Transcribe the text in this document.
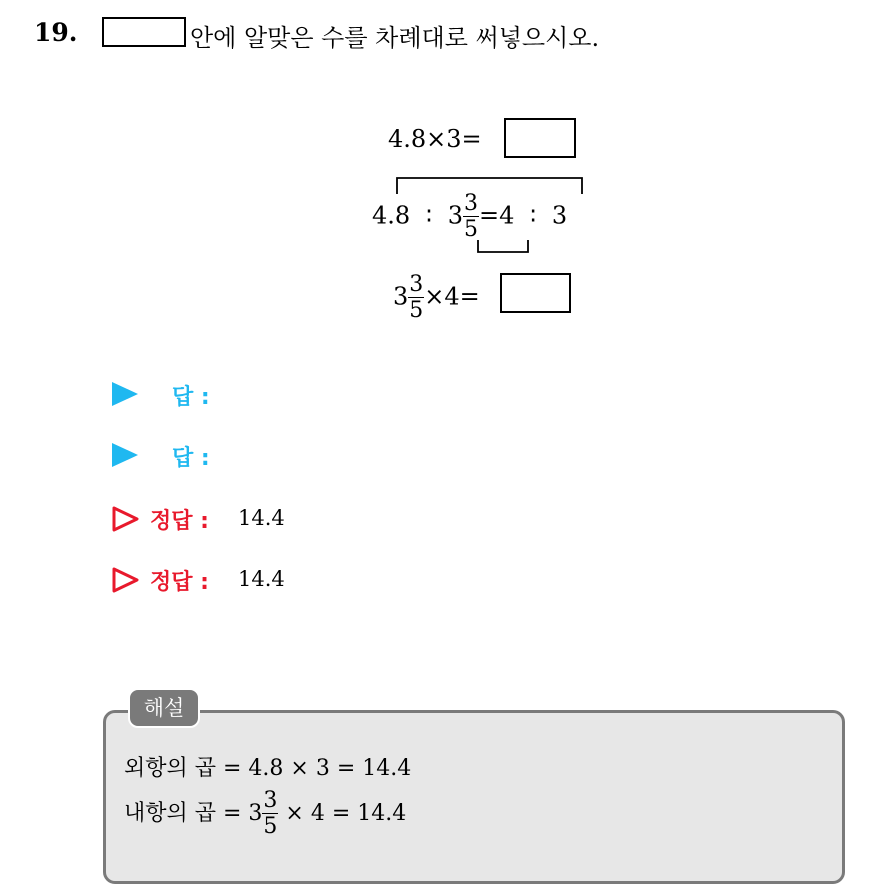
19.	안에 알맞은 수를 차례대로 써넣으시오.
4.8×3=
4.8 ∶ $3 \frac{3}{5} =4$ ∶ 3
$3 \frac{3}{5} \times 4=$
답 :
답 :
정답 : 14.4
정답 : 14.4
해설
외항의 곱 = 4.8 × 3 = 14.4
내항의 곱 = $3 \frac{3}{5} \times 4 = 14.4$
